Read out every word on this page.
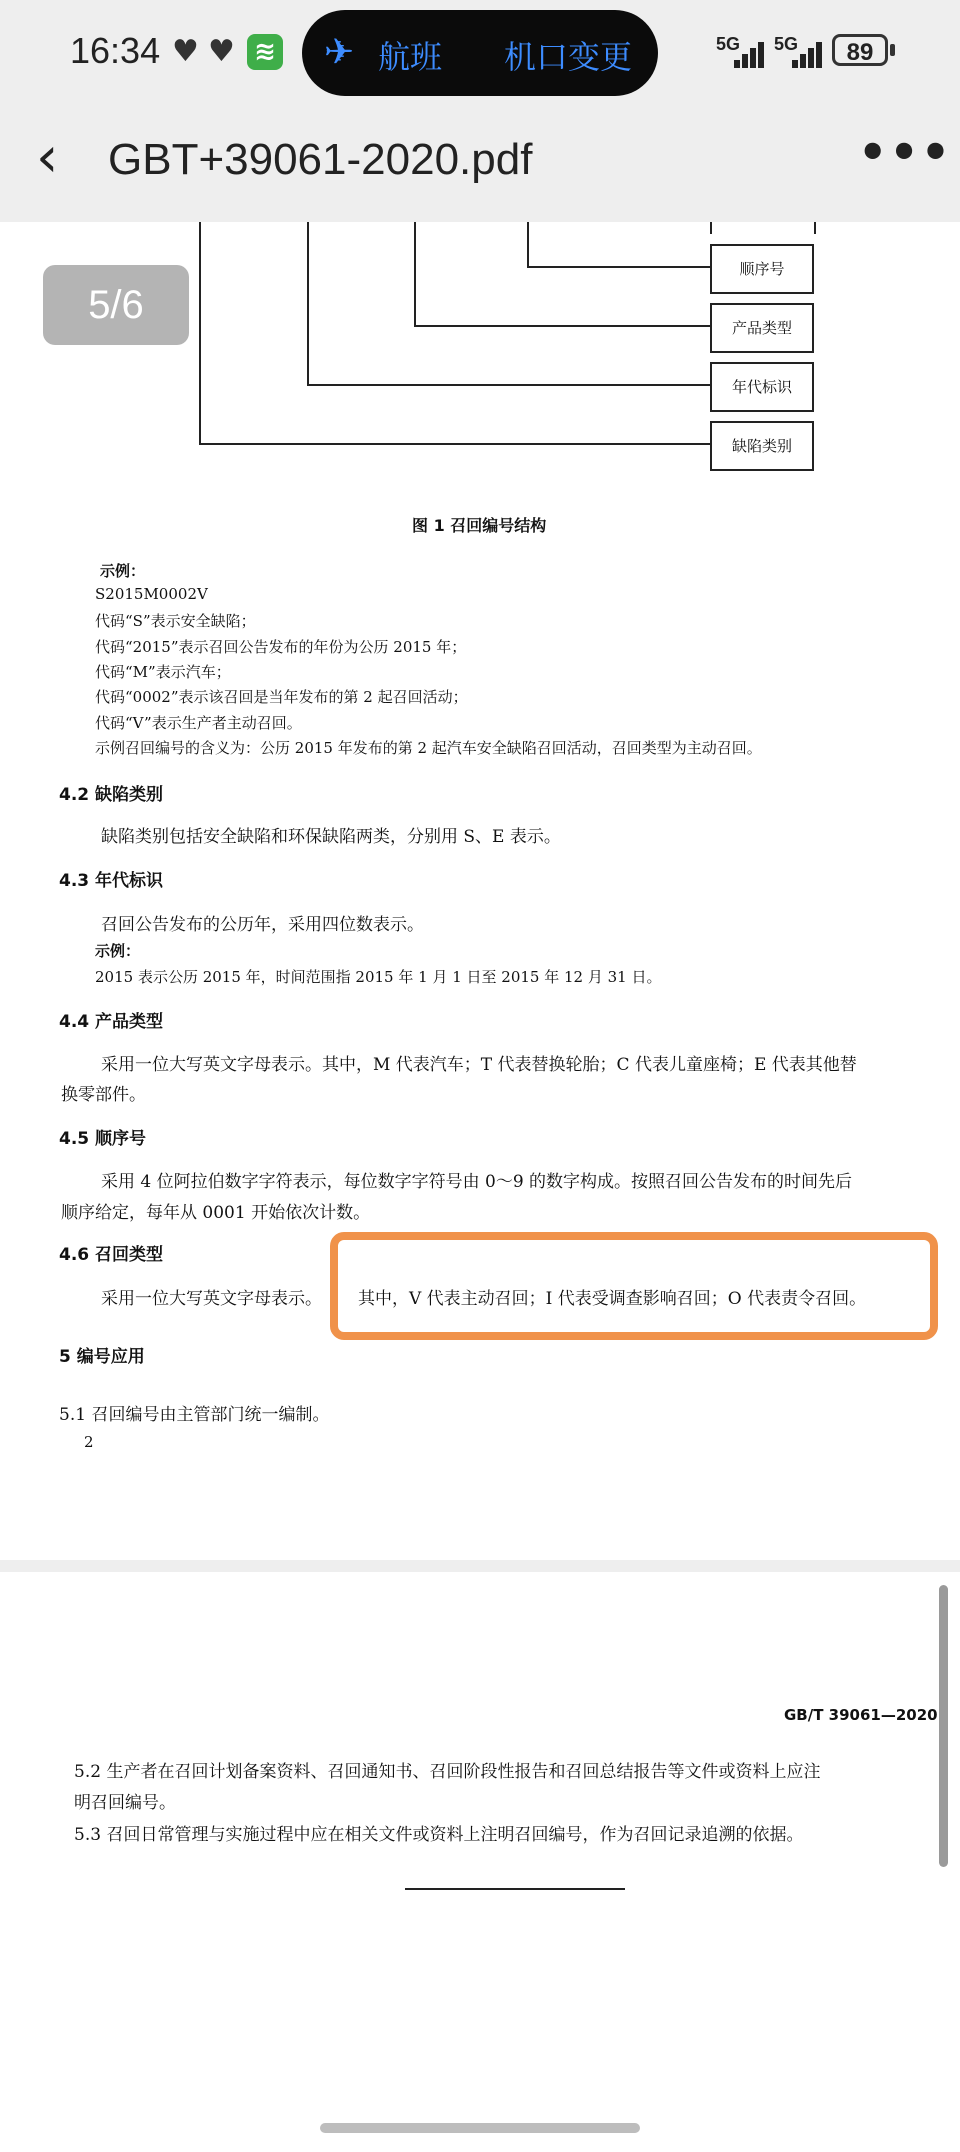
16:34 ♥ ♥ ≋ ✈ 航班 机口变更	5G 5G	89
‹ GBT+39061-2020.pdf	•••
顺序号
产品类型
年代标识
缺陷类别
5/6
图 1 召回编号结构
示例：
S2015M0002V
代码“S”表示安全缺陷；
代码“2015”表示召回公告发布的年份为公历 2015 年；
代码“M”表示汽车；
代码“0002”表示该召回是当年发布的第 2 起召回活动；
代码“V”表示生产者主动召回。
示例召回编号的含义为：公历 2015 年发布的第 2 起汽车安全缺陷召回活动，召回类型为主动召回。
4.2 缺陷类别
缺陷类别包括安全缺陷和环保缺陷两类，分别用 S、E 表示。
4.3 年代标识
召回公告发布的公历年，采用四位数表示。
示例：
2015 表示公历 2015 年，时间范围指 2015 年 1 月 1 日至 2015 年 12 月 31 日。
4.4 产品类型
采用一位大写英文字母表示。其中，M 代表汽车；T 代表替换轮胎；C 代表儿童座椅；E 代表其他替
换零部件。
4.5 顺序号
采用 4 位阿拉伯数字字符表示，每位数字字符号由 0～9 的数字构成。按照召回公告发布的时间先后
顺序给定，每年从 0001 开始依次计数。
4.6 召回类型
采用一位大写英文字母表示。 其中，V 代表主动召回；I 代表受调查影响召回；O 代表责令召回。
5 编号应用
5.1 召回编号由主管部门统一编制。
2
GB/T 39061—2020
5.2 生产者在召回计划备案资料、召回通知书、召回阶段性报告和召回总结报告等文件或资料上应注
明召回编号。
5.3 召回日常管理与实施过程中应在相关文件或资料上注明召回编号，作为召回记录追溯的依据。
